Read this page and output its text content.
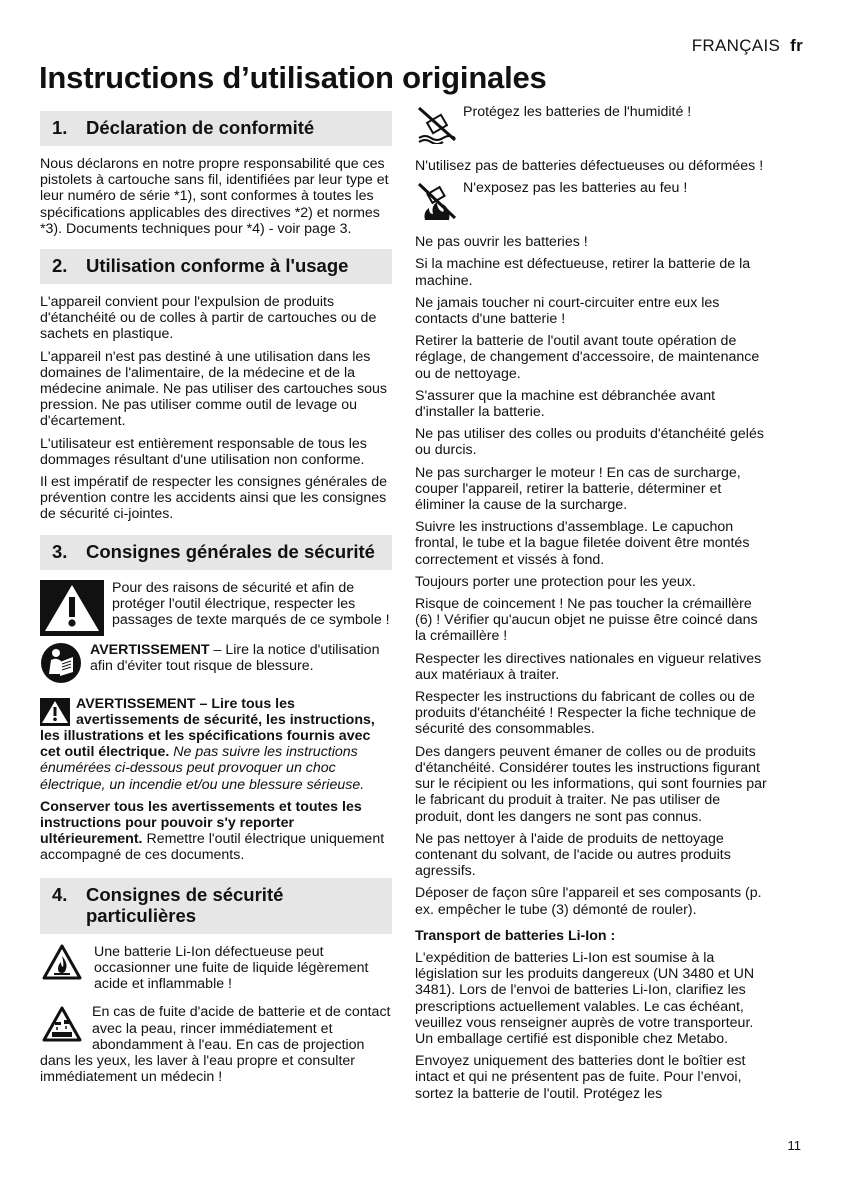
FRANÇAIS fr
Instructions d’utilisation originales
1.	Déclaration de conformité

Nous déclarons en notre propre responsabilité que ces pistolets à cartouche sans fil, identifiées par leur type et leur numéro de série *1), sont conformes à toutes les spécifications applicables des directives *2) et normes *3). Documents techniques pour *4) - voir page 3.

2.	Utilisation conforme à l'usage

L'appareil convient pour l'expulsion de produits d'étanchéité ou de colles à partir de cartouches ou de sachets en plastique.

L'appareil n'est pas destiné à une utilisation dans les domaines de l'alimentaire, de la médecine et de la médecine animale. Ne pas utiliser des cartouches sous pression. Ne pas utiliser comme outil de levage ou d'écartement.

L'utilisateur est entièrement responsable de tous les dommages résultant d'une utilisation non conforme.

Il est impératif de respecter les consignes générales de prévention contre les accidents ainsi que les consignes de sécurité ci-jointes.

3.	Consignes générales de sécurité

Pour des raisons de sécurité et afin de protéger l'outil électrique, respecter les passages de texte marqués de ce symbole !

AVERTISSEMENT – Lire la notice d'utilisation afin d'éviter tout risque de blessure.

AVERTISSEMENT – Lire tous les avertissements de sécurité, les instructions, les illustrations et les spécifications fournis avec cet outil électrique. Ne pas suivre les instructions énumérées ci-dessous peut provoquer un choc électrique, un incendie et/ou une blessure sérieuse.

Conserver tous les avertissements et toutes les instructions pour pouvoir s'y reporter ultérieurement. Remettre l'outil électrique uniquement accompagné de ces documents.

4.	Consignes de sécurité particulières

Une batterie Li-Ion défectueuse peut occasionner une fuite de liquide légèrement acide et inflammable !

En cas de fuite d'acide de batterie et de contact avec la peau, rincer immédiatement et abondamment à l'eau. En cas de projection dans les yeux, les laver à l'eau propre et consulter immédiatement un médecin !

Protégez les batteries de l'humidité !

N'utilisez pas de batteries défectueuses ou déformées !

N'exposez pas les batteries au feu !

Ne pas ouvrir les batteries !

Si la machine est défectueuse, retirer la batterie de la machine.

Ne jamais toucher ni court-circuiter entre eux les contacts d'une batterie !

Retirer la batterie de l'outil avant toute opération de réglage, de changement d'accessoire, de maintenance ou de nettoyage.

S'assurer que la machine est débranchée avant d'installer la batterie.

Ne pas utiliser des colles ou produits d'étanchéité gelés ou durcis.

Ne pas surcharger le moteur ! En cas de surcharge, couper l'appareil, retirer la batterie, déterminer et éliminer la cause de la surcharge.

Suivre les instructions d'assemblage. Le capuchon frontal, le tube et la bague filetée doivent être montés correctement et vissés à fond.

Toujours porter une protection pour les yeux.

Risque de coincement ! Ne pas toucher la crémaillère (6) ! Vérifier qu'aucun objet ne puisse être coincé dans la crémaillère !

Respecter les directives nationales en vigueur relatives aux matériaux à traiter.

Respecter les instructions du fabricant de colles ou de produits d'étanchéité ! Respecter la fiche technique de sécurité des consommables.

Des dangers peuvent émaner de colles ou de produits d'étanchéité. Considérer toutes les instructions figurant sur le récipient ou les informations, qui sont fournies par le fabricant du produit à traiter. Ne pas utiliser de produit, dont les dangers ne sont pas connus.

Ne pas nettoyer à l'aide de produits de nettoyage contenant du solvant, de l'acide ou autres produits agressifs.

Déposer de façon sûre l'appareil et ses composants (p. ex. empêcher le tube (3) démonté de rouler).

Transport de batteries Li-Ion :

L'expédition de batteries Li-Ion est soumise à la législation sur les produits dangereux (UN 3480 et UN 3481). Lors de l'envoi de batteries Li-Ion, clarifiez les prescriptions actuellement valables. Le cas échéant, veuillez vous renseigner auprès de votre transporteur. Un emballage certifié est disponible chez Metabo.

Envoyez uniquement des batteries dont le boîtier est intact et qui ne présentent pas de fuite. Pour l’envoi, sortez la batterie de l'outil. Protégez les

11
